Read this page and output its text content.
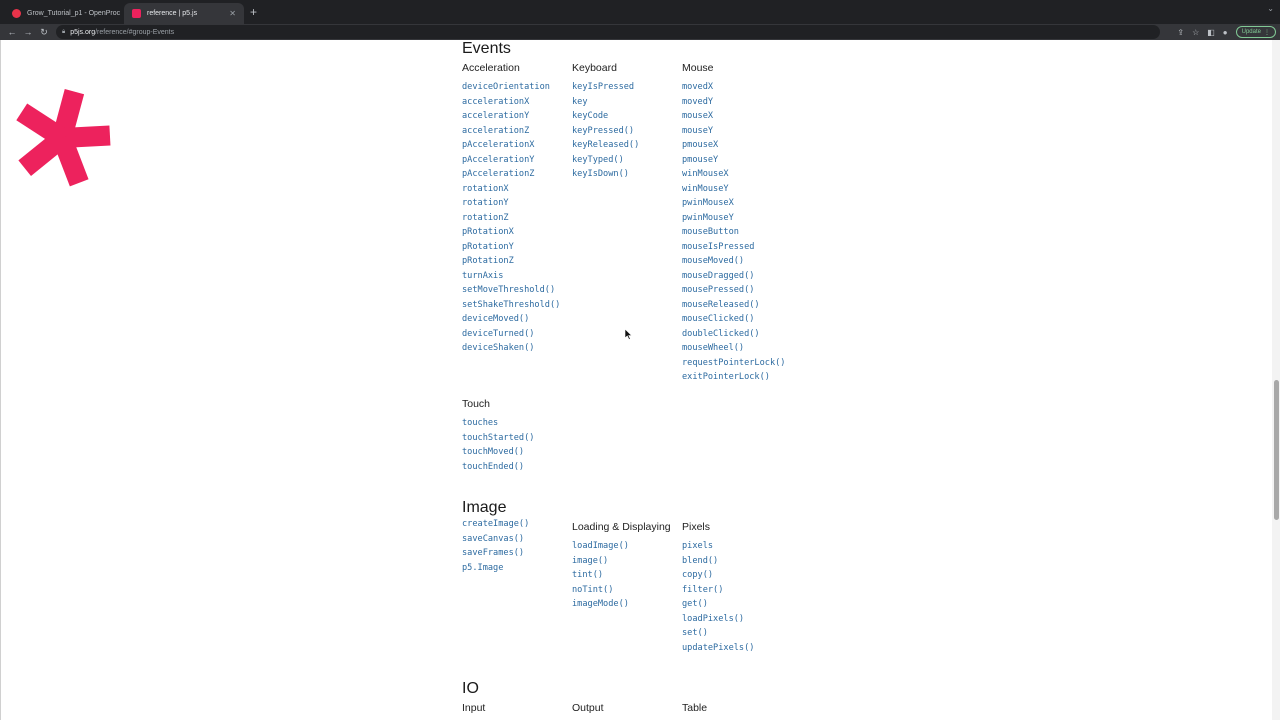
Grow_Tutorial_p1 - OpenProc	reference | p5.js	✕ +	⌄
← → ↻	🔒︎ p5js.org /reference/#group-Events	⇪ ☆ ◧ ● Update ⋮
Events
Acceleration
deviceOrientation
accelerationX
accelerationY
accelerationZ
pAccelerationX
pAccelerationY
pAccelerationZ
rotationX
rotationY
rotationZ
pRotationX
pRotationY
pRotationZ
turnAxis
setMoveThreshold()
setShakeThreshold()
deviceMoved()
deviceTurned()
deviceShaken()
Keyboard
keyIsPressed
key
keyCode
keyPressed()
keyReleased()
keyTyped()
keyIsDown()
Mouse
movedX
movedY
mouseX
mouseY
pmouseX
pmouseY
winMouseX
winMouseY
pwinMouseX
pwinMouseY
mouseButton
mouseIsPressed
mouseMoved()
mouseDragged()
mousePressed()
mouseReleased()
mouseClicked()
doubleClicked()
mouseWheel()
requestPointerLock()
exitPointerLock()
Touch
touches
touchStarted()
touchMoved()
touchEnded()
Image
createImage()
saveCanvas()
saveFrames()
p5.Image
Loading & Displaying
loadImage()
image()
tint()
noTint()
imageMode()
Pixels
pixels
blend()
copy()
filter()
get()
loadPixels()
set()
updatePixels()
IO
Input	Output	Table
